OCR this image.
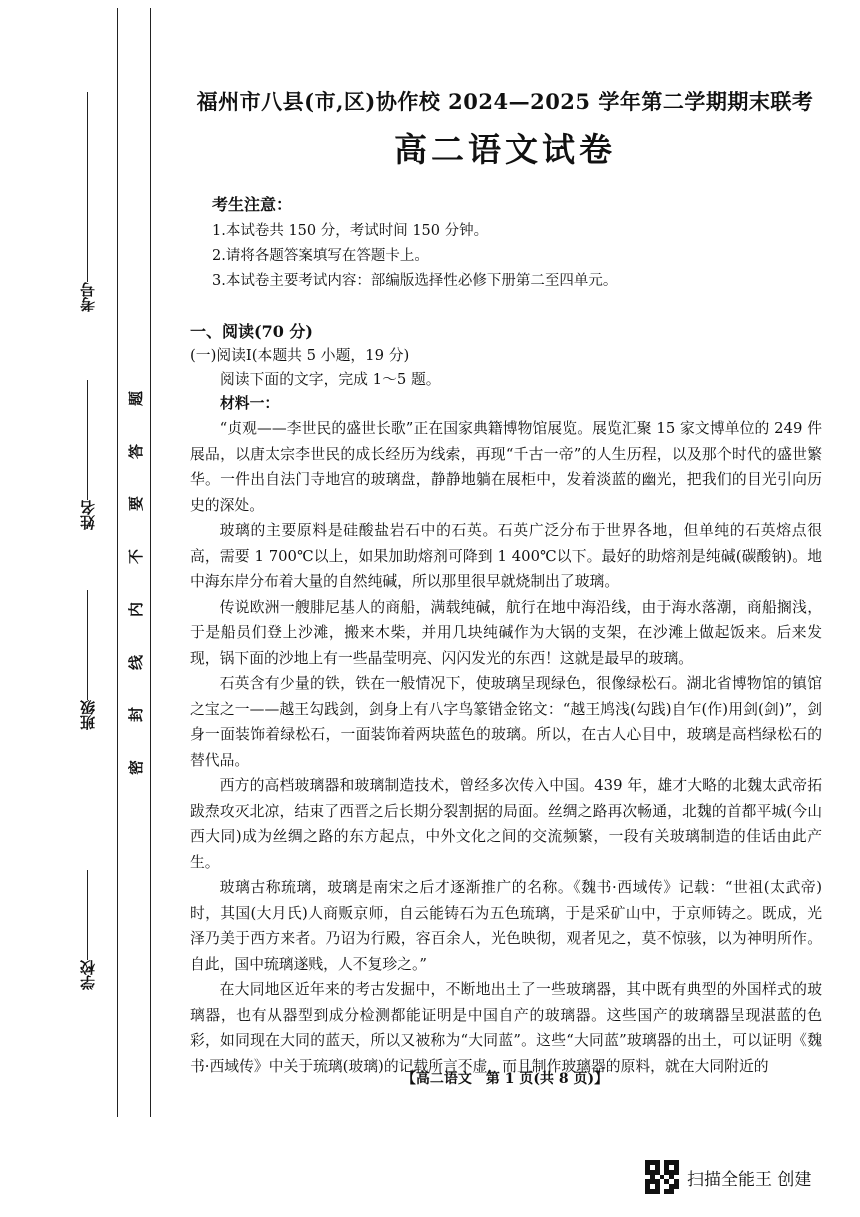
考号
姓名
班级
学校
题
答
要
不
内
线
封
密
福州市八县(市,区)协作校 2024—2025 学年第二学期期末联考
高二语文试卷
考生注意：
1.本试卷共 150 分，考试时间 150 分钟。
2.请将各题答案填写在答题卡上。
3.本试卷主要考试内容：部编版选择性必修下册第二至四单元。
一、阅读(70 分)
(一)阅读Ⅰ(本题共 5 小题，19 分)
阅读下面的文字，完成 1～5 题。
材料一：

“贞观——李世民的盛世长歌”正在国家典籍博物馆展览。展览汇聚 15 家文博单位的 249 件展品，以唐太宗李世民的成长经历为线索，再现“千古一帝”的人生历程，以及那个时代的盛世繁华。一件出自法门寺地宫的玻璃盘，静静地躺在展柜中，发着淡蓝的幽光，把我们的目光引向历史的深处。

玻璃的主要原料是硅酸盐岩石中的石英。石英广泛分布于世界各地，但单纯的石英熔点很高，需要 1 700℃以上，如果加助熔剂可降到 1 400℃以下。最好的助熔剂是纯碱(碳酸钠)。地中海东岸分布着大量的自然纯碱，所以那里很早就烧制出了玻璃。

传说欧洲一艘腓尼基人的商船，满载纯碱，航行在地中海沿线，由于海水落潮，商船搁浅，于是船员们登上沙滩，搬来木柴，并用几块纯碱作为大锅的支架，在沙滩上做起饭来。后来发现，锅下面的沙地上有一些晶莹明亮、闪闪发光的东西！这就是最早的玻璃。

石英含有少量的铁，铁在一般情况下，使玻璃呈现绿色，很像绿松石。湖北省博物馆的镇馆之宝之一——越王勾践剑，剑身上有八字鸟篆错金铭文：“越王鸠浅(勾践)自乍(作)用剑(剑)”，剑身一面装饰着绿松石，一面装饰着两块蓝色的玻璃。所以，在古人心目中，玻璃是高档绿松石的替代品。

西方的高档玻璃器和玻璃制造技术，曾经多次传入中国。439 年，雄才大略的北魏太武帝拓跋焘攻灭北凉，结束了西晋之后长期分裂割据的局面。丝绸之路再次畅通，北魏的首都平城(今山西大同)成为丝绸之路的东方起点，中外文化之间的交流频繁，一段有关玻璃制造的佳话由此产生。

玻璃古称琉璃，玻璃是南宋之后才逐渐推广的名称。《魏书·西域传》记载：“世祖(太武帝)时，其国(大月氏)人商贩京师，自云能铸石为五色琉璃，于是采矿山中，于京师铸之。既成，光泽乃美于西方来者。乃诏为行殿，容百余人，光色映彻，观者见之，莫不惊骇，以为神明所作。自此，国中琉璃遂贱，人不复珍之。”

在大同地区近年来的考古发掘中，不断地出土了一些玻璃器，其中既有典型的外国样式的玻璃器，也有从器型到成分检测都能证明是中国自产的玻璃器。这些国产的玻璃器呈现湛蓝的色彩，如同现在大同的蓝天，所以又被称为“大同蓝”。这些“大同蓝”玻璃器的出土，可以证明《魏书·西域传》中关于琉璃(玻璃)的记载所言不虚，而且制作玻璃器的原料，就在大同附近的

【高二语文　第 1 页(共 8 页)】
扫描全能王 创建
